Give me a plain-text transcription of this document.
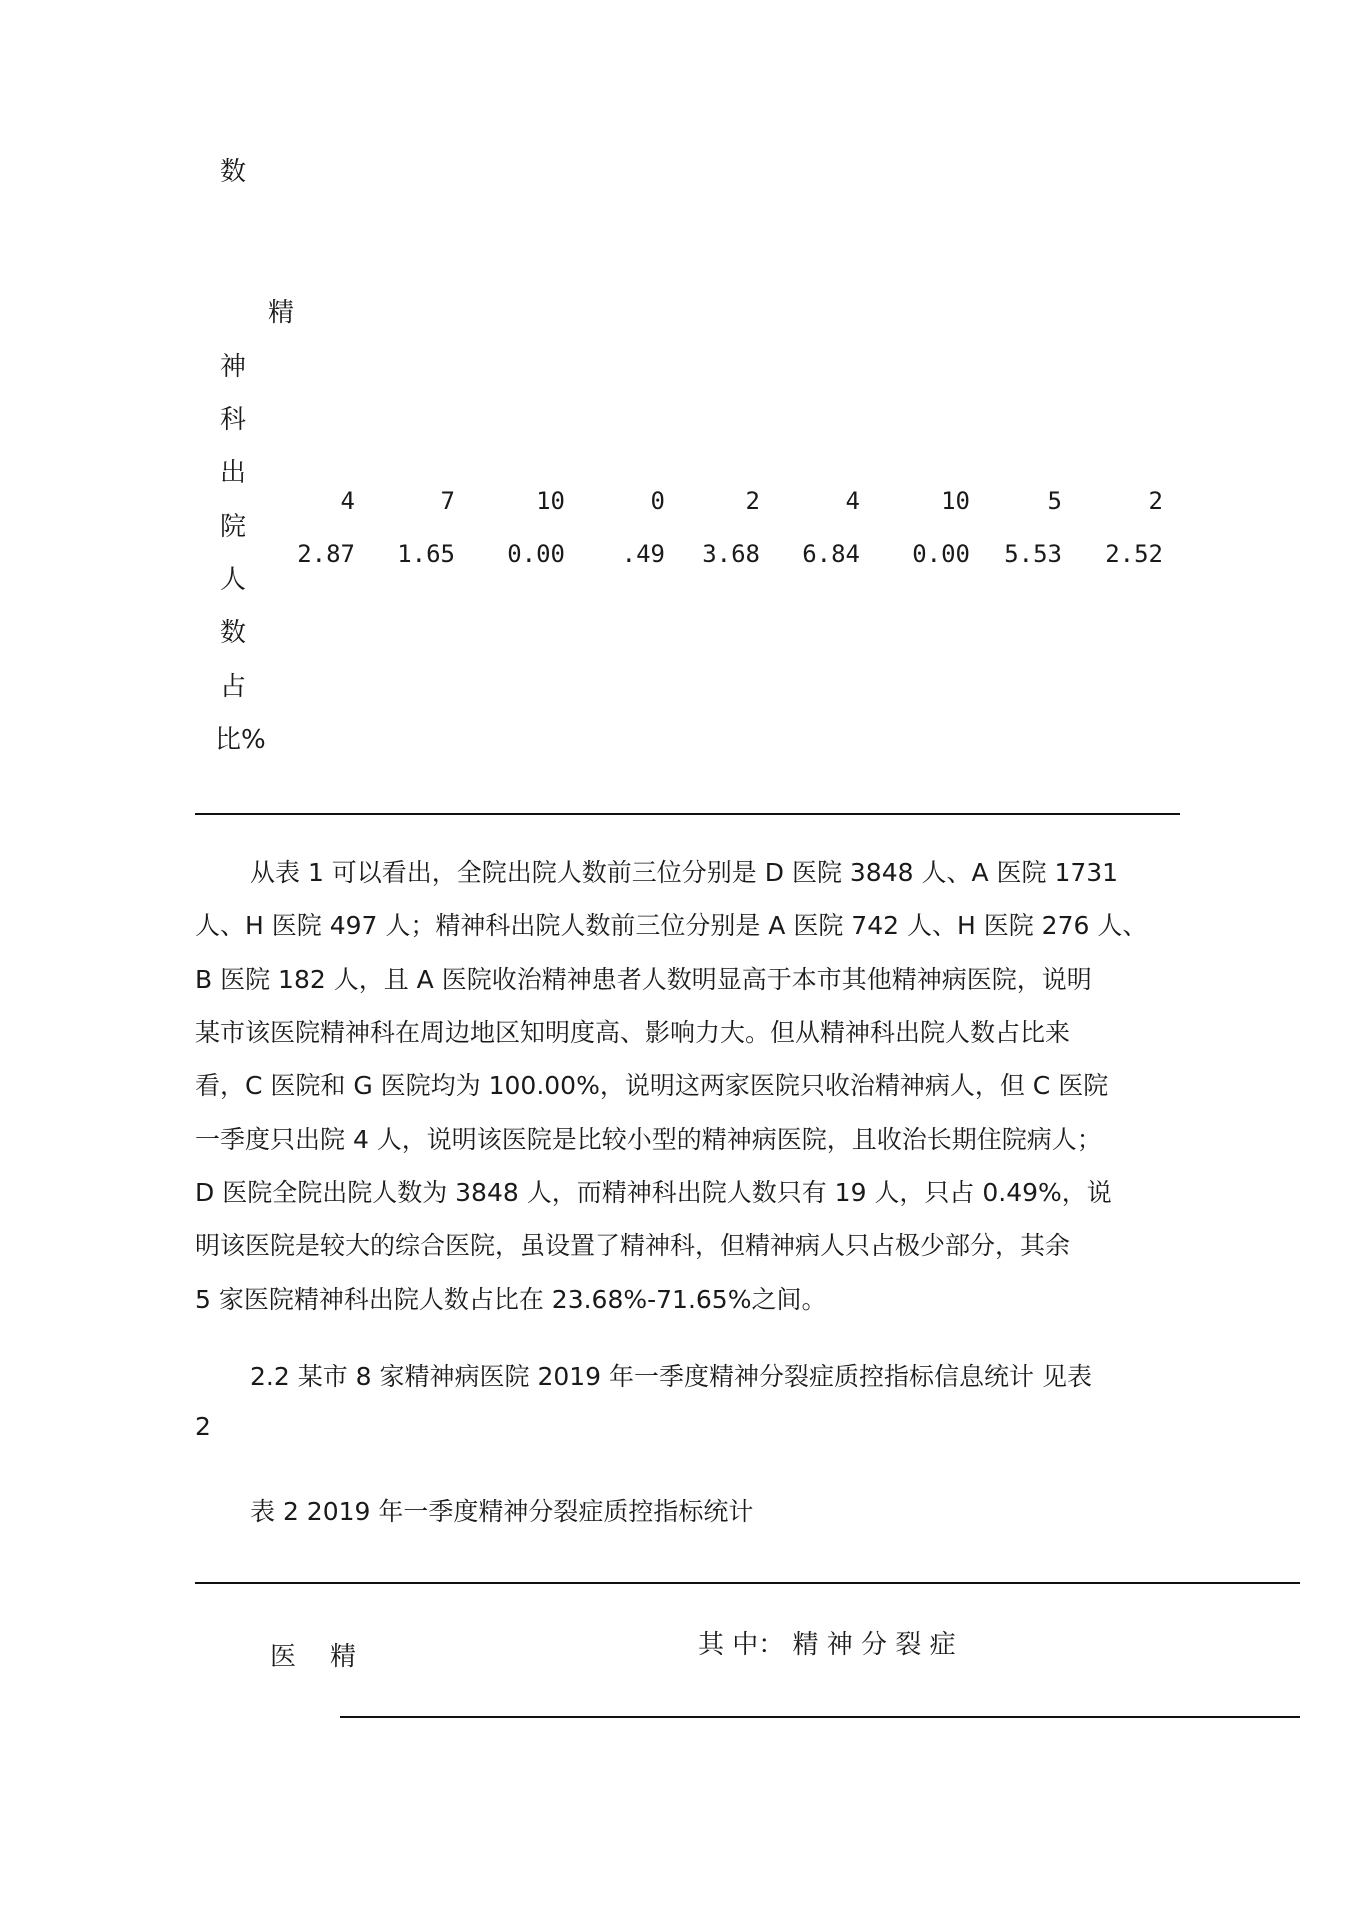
数
精
神
科
出
院
人
数
占
比%
4	7	10	0	2	4	10	5	2
2.87	1.65	0.00	.49	3.68	6.84	0.00	5.53	2.52
从表 1 可以看出，全院出院人数前三位分别是 D 医院 3848 人、A 医院 1731
人、H 医院 497 人；精神科出院人数前三位分别是 A 医院 742 人、H 医院 276 人、
B 医院 182 人，且 A 医院收治精神患者人数明显高于本市其他精神病医院，说明
某市该医院精神科在周边地区知明度高、影响力大。但从精神科出院人数占比来
看，C 医院和 G 医院均为 100.00%，说明这两家医院只收治精神病人，但 C 医院
一季度只出院 4 人，说明该医院是比较小型的精神病医院，且收治长期住院病人；
D 医院全院出院人数为 3848 人，而精神科出院人数只有 19 人，只占 0.49%，说
明该医院是较大的综合医院，虽设置了精神科，但精神病人只占极少部分，其余
5 家医院精神科出院人数占比在 23.68%-71.65%之间。
2.2 某市 8 家精神病医院 2019 年一季度精神分裂症质控指标信息统计 见表
2
表 2 2019 年一季度精神分裂症质控指标统计
医 精	其 中： 精 神 分 裂 症
